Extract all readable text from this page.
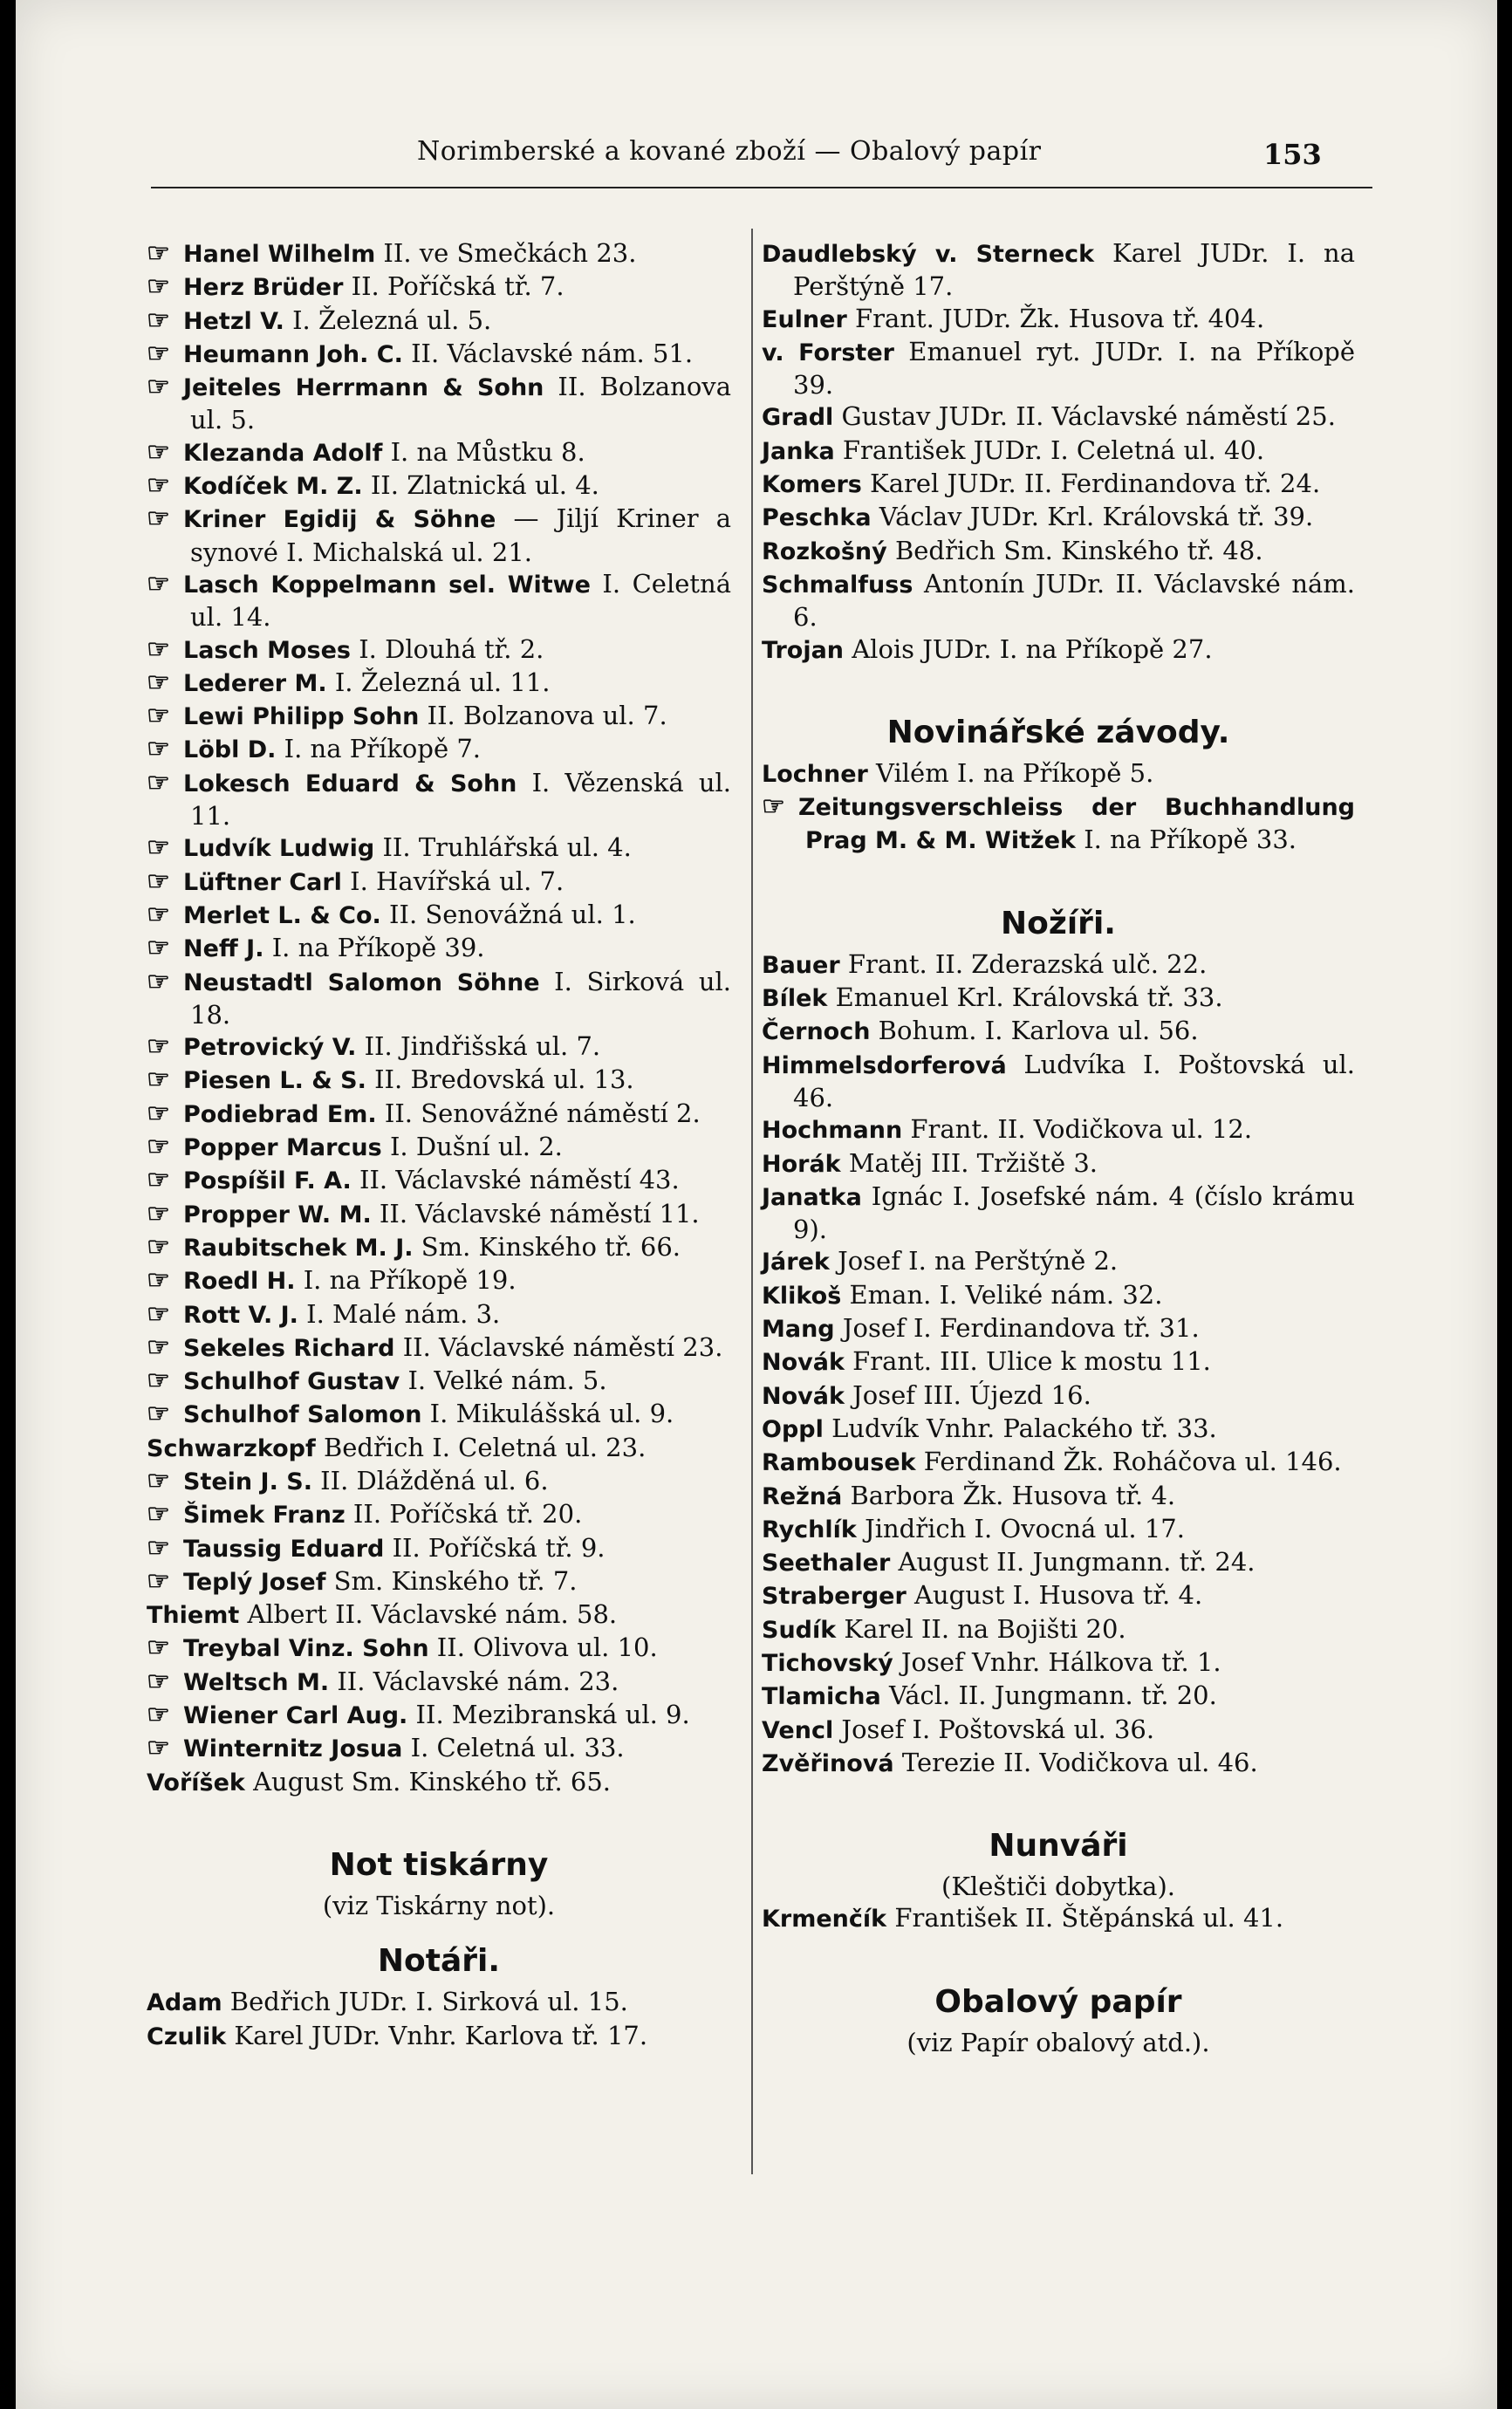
Norimberské a kované zboží — Obalový papír	153

☞ Hanel Wilhelm II. ve Smečkách 23.

☞ Herz Brüder II. Poříčská tř. 7.

☞ Hetzl V. I. Železná ul. 5.

☞ Heumann Joh. C. II. Václavské nám. 51.

☞ Jeiteles Herrmann & Sohn II. Bolzanova ul. 5.

☞ Klezanda Adolf I. na Můstku 8.

☞ Kodíček M. Z. II. Zlatnická ul. 4.

☞ Kriner Egidij & Söhne — Jiljí Kriner a synové I. Michalská ul. 21.

☞ Lasch Koppelmann sel. Witwe I. Celetná ul. 14.

☞ Lasch Moses I. Dlouhá tř. 2.

☞ Lederer M. I. Železná ul. 11.

☞ Lewi Philipp Sohn II. Bolzanova ul. 7.

☞ Löbl D. I. na Příkopě 7.

☞ Lokesch Eduard & Sohn I. Vězenská ul. 11.

☞ Ludvík Ludwig II. Truhlářská ul. 4.

☞ Lüftner Carl I. Havířská ul. 7.

☞ Merlet L. & Co. II. Senovážná ul. 1.

☞ Neff J. I. na Příkopě 39.

☞ Neustadtl Salomon Söhne I. Sirková ul. 18.

☞ Petrovický V. II. Jindřišská ul. 7.

☞ Piesen L. & S. II. Bredovská ul. 13.

☞ Podiebrad Em. II. Senovážné náměstí 2.

☞ Popper Marcus I. Dušní ul. 2.

☞ Pospíšil F. A. II. Václavské náměstí 43.

☞ Propper W. M. II. Václavské náměstí 11.

☞ Raubitschek M. J. Sm. Kinského tř. 66.

☞ Roedl H. I. na Příkopě 19.

☞ Rott V. J. I. Malé nám. 3.

☞ Sekeles Richard II. Václavské náměstí 23.

☞ Schulhof Gustav I. Velké nám. 5.

☞ Schulhof Salomon I. Mikulášská ul. 9.

Schwarzkopf Bedřich I. Celetná ul. 23.

☞ Stein J. S. II. Dlážděná ul. 6.

☞ Šimek Franz II. Poříčská tř. 20.

☞ Taussig Eduard II. Poříčská tř. 9.

☞ Teplý Josef Sm. Kinského tř. 7.

Thiemt Albert II. Václavské nám. 58.

☞ Treybal Vinz. Sohn II. Olivova ul. 10.

☞ Weltsch M. II. Václavské nám. 23.

☞ Wiener Carl Aug. II. Mezibranská ul. 9.

☞ Winternitz Josua I. Celetná ul. 33.

Voříšek August Sm. Kinského tř. 65.

Not tiskárny
(viz Tiskárny not).
Notáři.

Adam Bedřich JUDr. I. Sirková ul. 15.

Czulik Karel JUDr. Vnhr. Karlova tř. 17.

Daudlebský v. Sterneck Karel JUDr. I. na Perštýně 17.

Eulner Frant. JUDr. Žk. Husova tř. 404.

v. Forster Emanuel ryt. JUDr. I. na Příkopě 39.

Gradl Gustav JUDr. II. Václavské náměstí 25.

Janka František JUDr. I. Celetná ul. 40.

Komers Karel JUDr. II. Ferdinandova tř. 24.

Peschka Václav JUDr. Krl. Královská tř. 39.

Rozkošný Bedřich Sm. Kinského tř. 48.

Schmalfuss Antonín JUDr. II. Václavské nám. 6.

Trojan Alois JUDr. I. na Příkopě 27.

Novinářské závody.

Lochner Vilém I. na Příkopě 5.

☞ Zeitungsverschleiss der Buchhandlung Prag M. & M. Witžek I. na Příkopě 33.

Nožíři.

Bauer Frant. II. Zderazská ulč. 22.

Bílek Emanuel Krl. Královská tř. 33.

Černoch Bohum. I. Karlova ul. 56.

Himmelsdorferová Ludvíka I. Poštovská ul. 46.

Hochmann Frant. II. Vodičkova ul. 12.

Horák Matěj III. Tržiště 3.

Janatka Ignác I. Josefské nám. 4 (číslo krámu 9).

Járek Josef I. na Perštýně 2.

Klikoš Eman. I. Veliké nám. 32.

Mang Josef I. Ferdinandova tř. 31.

Novák Frant. III. Ulice k mostu 11.

Novák Josef III. Újezd 16.

Oppl Ludvík Vnhr. Palackého tř. 33.

Rambousek Ferdinand Žk. Roháčova ul. 146.

Režná Barbora Žk. Husova tř. 4.

Rychlík Jindřich I. Ovocná ul. 17.

Seethaler August II. Jungmann. tř. 24.

Straberger August I. Husova tř. 4.

Sudík Karel II. na Bojišti 20.

Tichovský Josef Vnhr. Hálkova tř. 1.

Tlamicha Václ. II. Jungmann. tř. 20.

Vencl Josef I. Poštovská ul. 36.

Zvěřinová Terezie II. Vodičkova ul. 46.

Nunváři
(Kleštiči dobytka).

Krmenčík František II. Štěpánská ul. 41.

Obalový papír
(viz Papír obalový atd.).
